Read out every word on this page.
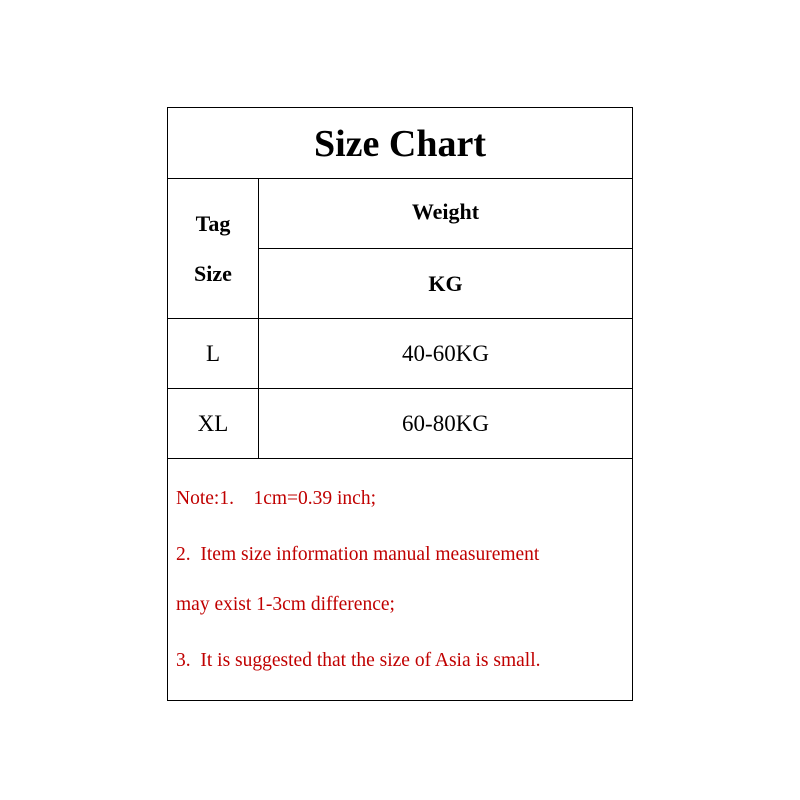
Size Chart
Tag
Size
Weight
KG
L	40-60KG
XL	60-80KG
Note:1.    1cm=0.39 inch;
2.  Item size information manual measurement
may exist 1-3cm difference;
3.  It is suggested that the size of Asia is small.
